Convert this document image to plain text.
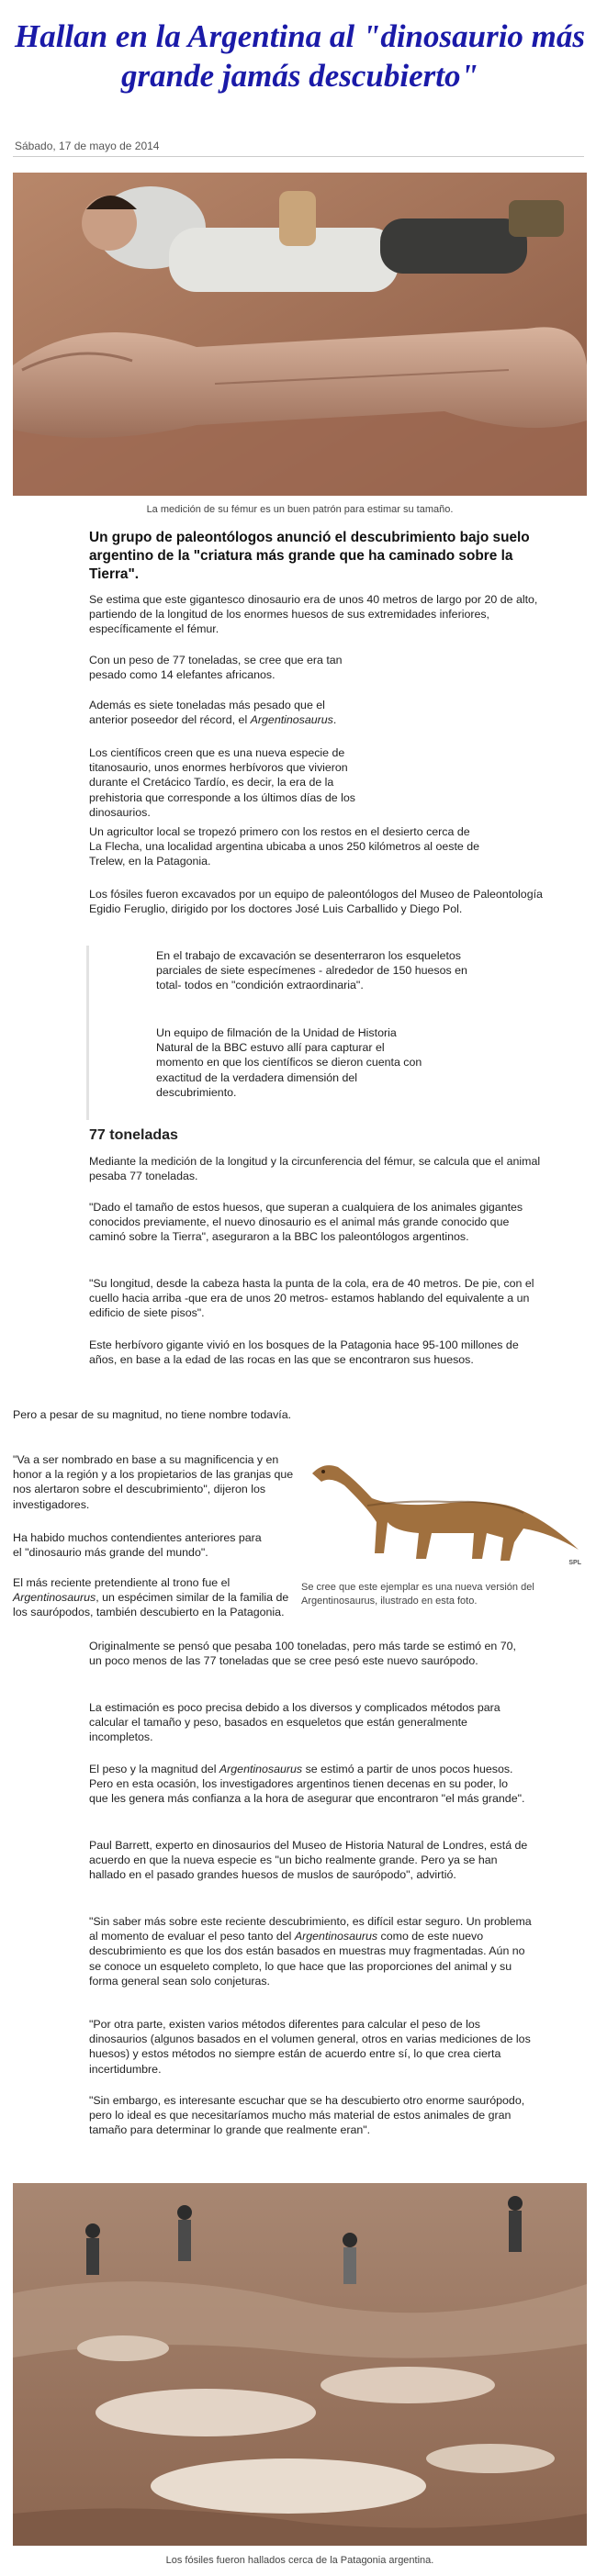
Hallan en la Argentina al "dinosaurio más grande jamás descubierto"
Sábado, 17 de mayo de 2014
La medición de su fémur es un buen patrón para estimar su tamaño.

Un grupo de paleontólogos anunció el descubrimiento bajo suelo argentino de la "criatura más grande que ha caminado sobre la Tierra".

Se estima que este gigantesco dinosaurio era de unos 40 metros de largo por 20 de alto, partiendo de la longitud de los enormes huesos de sus extremidades inferiores, específicamente el fémur.

Con un peso de 77 toneladas, se cree que era tan pesado como 14 elefantes africanos.

Además es siete toneladas más pesado que el anterior poseedor del récord, el Argentinosaurus.

Los científicos creen que es una nueva especie de titanosaurio, unos enormes herbívoros que vivieron durante el Cretácico Tardío, es decir, la era de la prehistoria que corresponde a los últimos días de los dinosaurios.

Un agricultor local se tropezó primero con los restos en el desierto cerca de La Flecha, una localidad argentina ubicaba a unos 250 kilómetros al oeste de Trelew, en la Patagonia.

Los fósiles fueron excavados por un equipo de paleontólogos del Museo de Paleontología Egidio Feruglio, dirigido por los doctores José Luis Carballido y Diego Pol.

En el trabajo de excavación se desenterraron los esqueletos parciales de siete especímenes - alrededor de 150 huesos en total- todos en "condición extraordinaria".

Un equipo de filmación de la Unidad de Historia Natural de la BBC estuvo allí para capturar el momento en que los científicos se dieron cuenta con exactitud de la verdadera dimensión del descubrimiento.

77 toneladas

Mediante la medición de la longitud y la circunferencia del fémur, se calcula que el animal pesaba 77 toneladas.

"Dado el tamaño de estos huesos, que superan a cualquiera de los animales gigantes conocidos previamente, el nuevo dinosaurio es el animal más grande conocido que caminó sobre la Tierra", aseguraron a la BBC los paleontólogos argentinos.

"Su longitud, desde la cabeza hasta la punta de la cola, era de 40 metros. De pie, con el cuello hacia arriba -que era de unos 20 metros- estamos hablando del equivalente a un edificio de siete pisos".

Este herbívoro gigante vivió en los bosques de la Patagonia hace 95-100 millones de años, en base a la edad de las rocas en las que se encontraron sus huesos.

Pero a pesar de su magnitud, no tiene nombre todavía.

"Va a ser nombrado en base a su magnificencia y en honor a la región y a los propietarios de las granjas que nos alertaron sobre el descubrimiento", dijeron los investigadores.

Ha habido muchos contendientes anteriores para el "dinosaurio más grande del mundo".

El más reciente pretendiente al trono fue el Argentinosaurus, un espécimen similar de la familia de los saurópodos, también descubierto en la Patagonia.

SPL
Se cree que este ejemplar es una nueva versión del Argentinosaurus, ilustrado en esta foto.

Originalmente se pensó que pesaba 100 toneladas, pero más tarde se estimó en 70, un poco menos de las 77 toneladas que se cree pesó este nuevo saurópodo.

La estimación es poco precisa debido a los diversos y complicados métodos para calcular el tamaño y peso, basados en esqueletos que están generalmente incompletos.

El peso y la magnitud del Argentinosaurus se estimó a partir de unos pocos huesos. Pero en esta ocasión, los investigadores argentinos tienen decenas en su poder, lo que les genera más confianza a la hora de asegurar que encontraron "el más grande".

Paul Barrett, experto en dinosaurios del Museo de Historia Natural de Londres, está de acuerdo en que la nueva especie es "un bicho realmente grande. Pero ya se han hallado en el pasado grandes huesos de muslos de saurópodo", advirtió.

"Sin saber más sobre este reciente descubrimiento, es difícil estar seguro. Un problema al momento de evaluar el peso tanto del Argentinosaurus como de este nuevo descubrimiento es que los dos están basados en muestras muy fragmentadas. Aún no se conoce un esqueleto completo, lo que hace que las proporciones del animal y su forma general sean solo conjeturas.

"Por otra parte, existen varios métodos diferentes para calcular el peso de los dinosaurios (algunos basados en el volumen general, otros en varias mediciones de los huesos) y estos métodos no siempre están de acuerdo entre sí, lo que crea cierta incertidumbre.

"Sin embargo, es interesante escuchar que se ha descubierto otro enorme saurópodo, pero lo ideal es que necesitaríamos mucho más material de estos animales de gran tamaño para determinar lo grande que realmente eran".

Los fósiles fueron hallados cerca de la Patagonia argentina.
